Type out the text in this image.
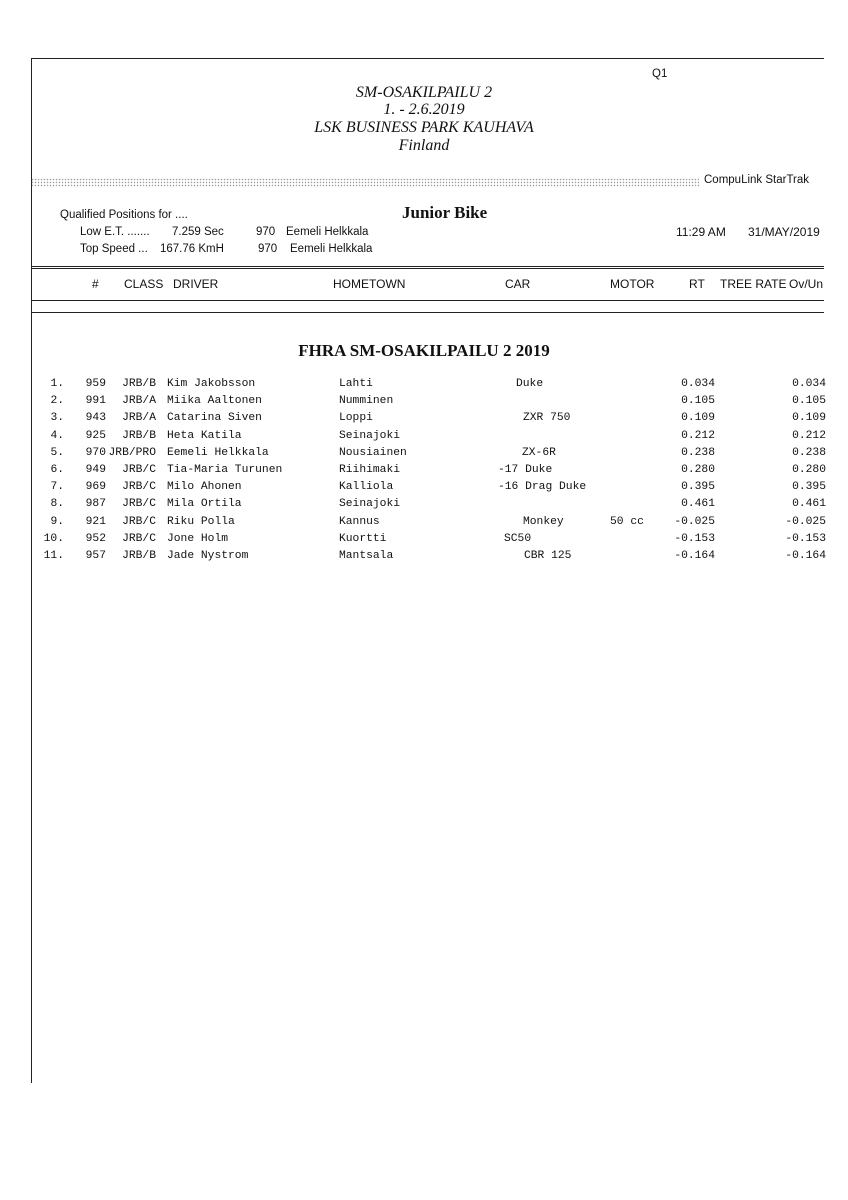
Q1
SM-OSAKILPAILU 2
1. - 2.6.2019
LSK BUSINESS PARK KAUHAVA
Finland
CompuLink StarTrak
Qualified Positions for ....	Junior Bike
Low E.T. ....... 7.259 Sec	970 Eemeli Helkkala
Top Speed ... 167.76 KmH	970 Eemeli Helkkala
11:29 AM 31/MAY/2019
# CLASS DRIVER	HOMETOWN	CAR	MOTOR	RT TREE RATE Ov/Un
FHRA SM-OSAKILPAILU 2 2019
1.	959	JRB/B Kim Jakobsson	Lahti	Duke	0.034	0.034
2.	991	JRB/A Miika Aaltonen	Numminen	0.105	0.105
3.	943	JRB/A Catarina Siven	Loppi	ZXR 750	0.109	0.109
4.	925	JRB/B Heta Katila	Seinajoki	0.212	0.212
5.	970 JRB/PRO Eemeli Helkkala	Nousiainen	ZX-6R	0.238	0.238
6.	949	JRB/C Tia-Maria Turunen	Riihimaki	-17 Duke	0.280	0.280
7.	969	JRB/C Milo Ahonen	Kalliola	-16 Drag Duke	0.395	0.395
8.	987	JRB/C Mila Ortila	Seinajoki	0.461	0.461
9.	921	JRB/C Riku Polla	Kannus	Monkey	50 cc	-0.025	-0.025
10.	952	JRB/C Jone Holm	Kuortti	SC50	-0.153	-0.153
11.	957	JRB/B Jade Nystrom	Mantsala	CBR 125	-0.164	-0.164
